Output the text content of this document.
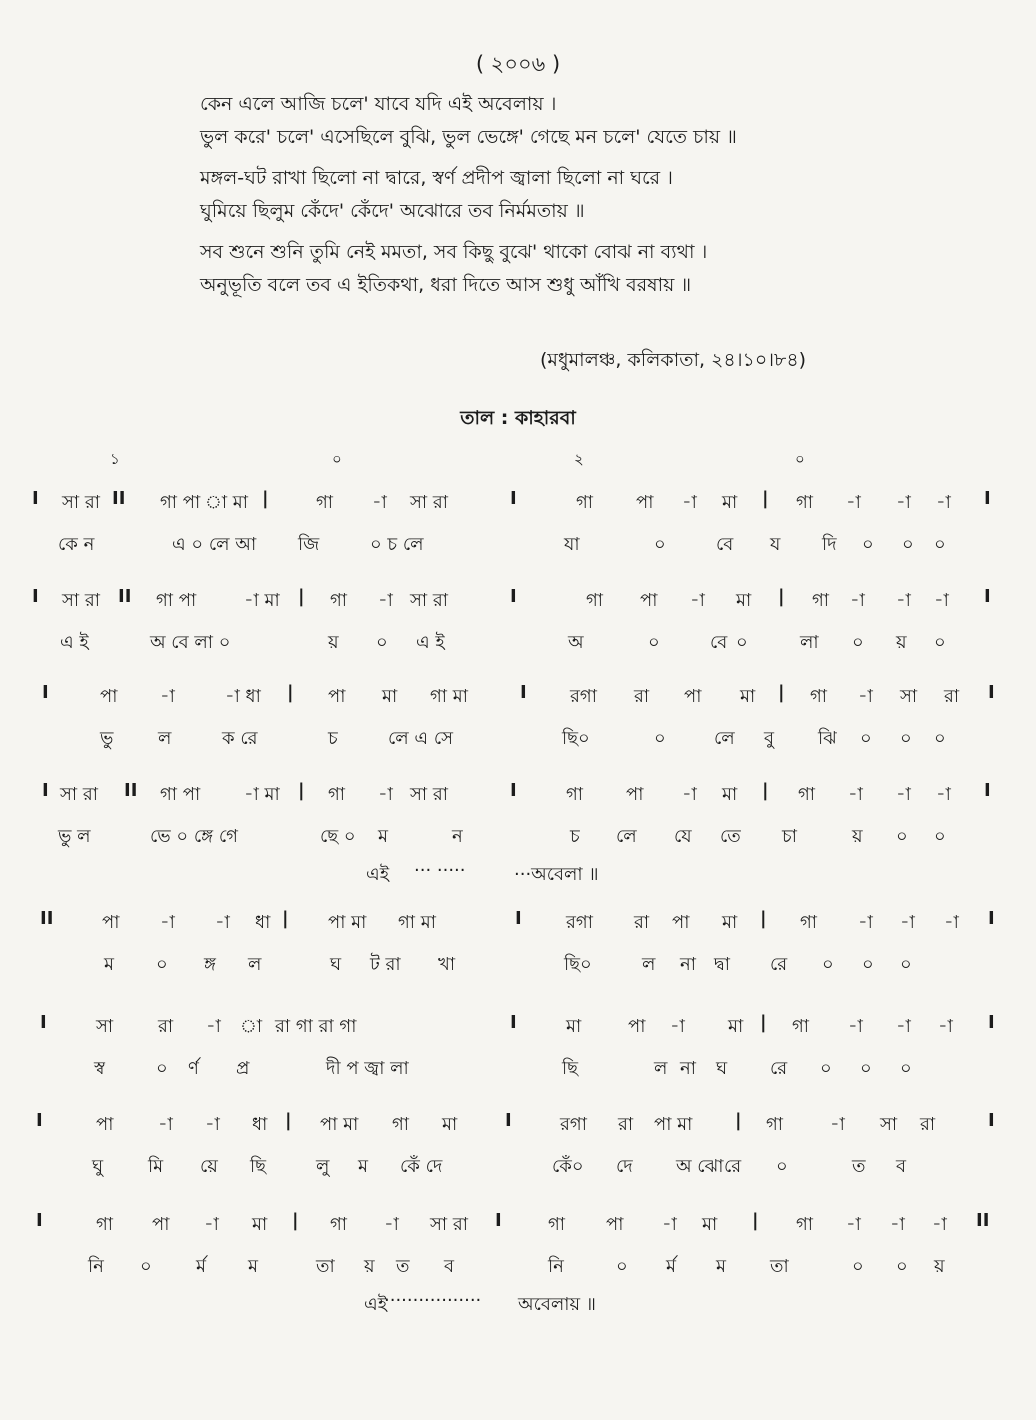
( ২০০৬ )
কেন এলে আজি চলে' যাবে যদি এই অবেলায় ।
ভুল করে' চলে' এসেছিলে বুঝি, ভুল ভেঙ্গে' গেছে মন চলে' যেতে চায় ॥
মঙ্গল-ঘট রাখা ছিলো না দ্বারে, স্বর্ণ প্রদীপ জ্বালা ছিলো না ঘরে ।
ঘুমিয়ে ছিলুম কেঁদে' কেঁদে' অঝোরে তব নির্মমতায় ॥
সব শুনে শুনি তুমি নেই মমতা, সব কিছু বুঝে' থাকো বোঝ না ব্যথা ।
অনুভূতি বলে তব এ ইতিকথা, ধরা দিতে আস শুধু আঁখি বরষায় ॥
(মধুমালঞ্চ, কলিকাতা, ২৪।১০।৮৪)
তাল : কাহারবা
১	০	২	০
I সা রা II গা পা া মা |	গা -া সা রা	I	গা পা -া মা | গা -া -া -া I
কে ন	এ ০ লে আ জি	০ চ লে	যা	০	বে য দি ০ ০ ০
I সা রা II গা পা	-া মা | গা -া সা রা	I	গা পা -া মা | গা -া -া -া I
এ ই	অ বে লা ০	য় ০ এ ই	অ	০	বে ০	লা ০ য় ০
I	পা -া	-া ধা | পা মা গা মা	I রগা রা পা মা | গা -া সা রা I
ভু ল	ক রে	চ	লে এ সে	ছি০	০	লে বু ঝি ০ ০ ০
I সা রা II গা পা -া মা | গা -া সা রা	I	গা পা -া মা | গা -া -া -া I
ভু ল	ভে ০ ঙ্গে গে	ছে ০ ম	ন	চ লে যে তে চা	য় ০ ০
এই ··· ·····	···অবেলা ॥
II	পা -া -া ধা | পা মা গা মা	I রগা রা পা মা | গা -া -া -া I
ম ০ ঙ্গ ল	ঘ ট রা খা	ছি০	ল না দ্বা রে ০ ০ ০
I	সা রা -া া রা গা রা গা	I	মা	পা -া মা | গা -া -া -া I
স্ব	০ র্ণ প্র	দী প জ্বা লা	ছি	ল না ঘ রে ০ ০ ০
I	পা -া -া ধা | পা মা গা মা	I	রগা রা পা মা | গা	-া সা রা	I
ঘু মি য়ে ছি	লু ম কেঁ দে	কেঁ০ দে অ ঝো রে ০	ত ব
I	গা পা -া মা | গা -া সা রা I	গা পা -া মা | গা -া -া -া II
নি ০ র্ম ম	তা য় ত ব	নি	০ র্ম ম তা	০ ০ য়
এই
················· অবেলায় ॥
